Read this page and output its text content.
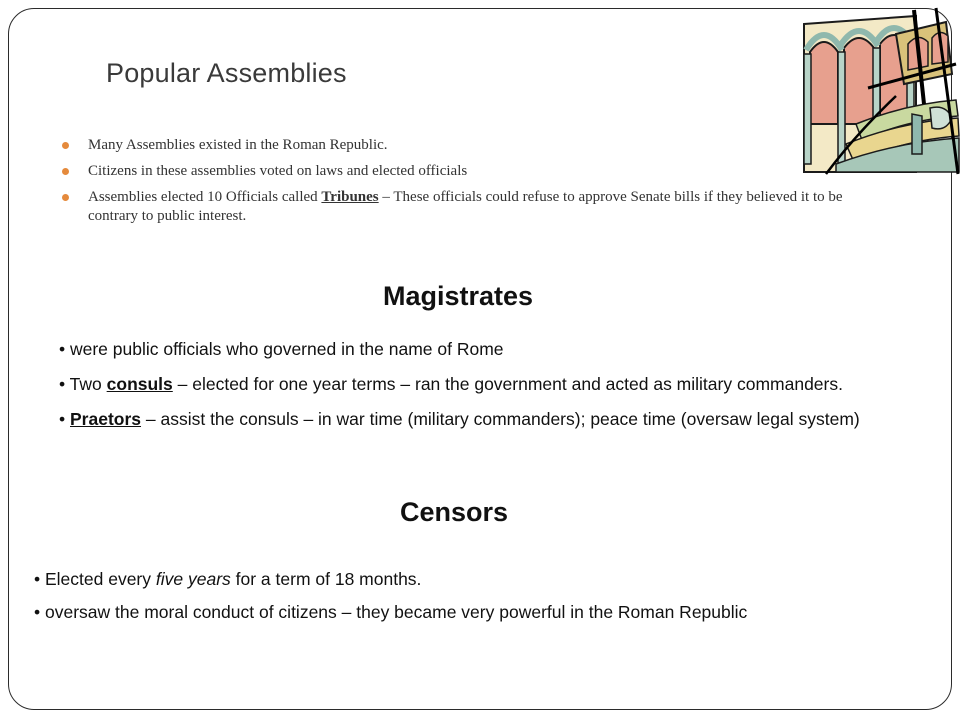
Popular Assemblies
Many Assemblies existed in the Roman Republic.
Citizens in these assemblies voted on laws and elected officials
Assemblies elected 10 Officials called Tribunes – These officials could refuse to approve Senate bills if they believed it to be contrary to public interest.
Magistrates

• were public officials who governed in the name of Rome

• Two consuls – elected for one year terms – ran the government and acted as military commanders.

• Praetors – assist the consuls – in war time (military commanders); peace time (oversaw legal system)

Censors

• Elected every five years for a term of 18 months.

• oversaw the moral conduct of citizens – they became very powerful in the Roman Republic
